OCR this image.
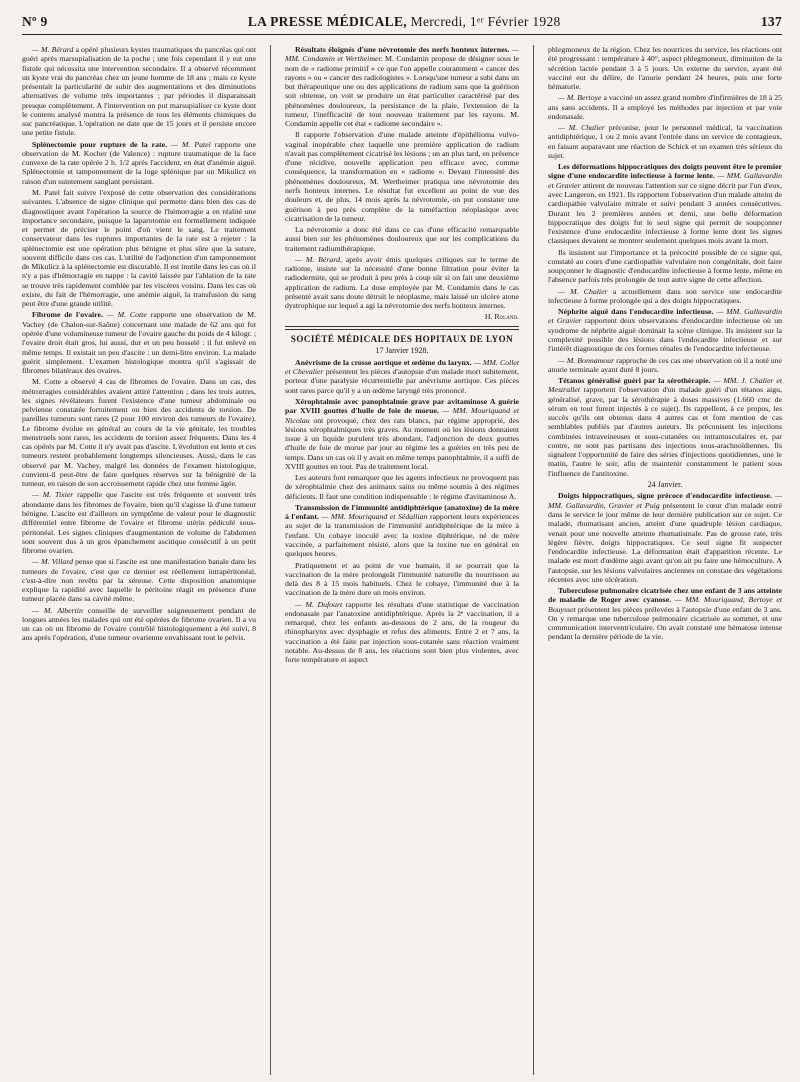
Nº 9	LA PRESSE MÉDICALE, Mercredi, 1ᵉʳ Février 1928	137

— M. Bérard a opéré plusieurs kystes traumatiques du pancréas qui ont guéri après marsupialisation de la poche ; une fois cependant il y eut une fistule qui nécessita une intervention secondaire. Il a observé récemment un kyste vrai du pancréas chez un jeune homme de 18 ans ; mais ce kyste présentait la particularité de subir des augmentations et des diminutions alternatives de volume très importantes ; par périodes il disparaissait presque complètement. A l'intervention on put marsupialiser ce kyste dont le contenu analysé montra la présence de tous les éléments chimiques du suc pancréatique. L'opération ne date que de 15 jours et il persiste encore une petite fistule.

Splénectomie pour rupture de la rate. — M. Patel rapporte une observation de M. Kocher (de Valence) : rupture traumatique de la face convexe de la rate opérée 2 h. 1/2 après l'accident, en état d'anémie aiguë. Splénectomie et tamponnement de la loge splénique par un Mikulicz en raison d'un suintement sanglant persistant.

M. Patel fait suivre l'exposé de cette observation des considérations suivantes. L'absence de signe clinique qui permette dans bien des cas de diagnostiquer avant l'opération la source de l'hémorragie a en réalité une importance secondaire, puisque la laparotomie est formellement indiquée et permet de préciser le point d'où vient le sang. Le traitement conservateur dans les ruptures importantes de la rate est à rejeter : la splénectomie est une opération plus bénigne et plus sûre que la suture, souvent difficile dans ces cas. L'utilité de l'adjonction d'un tamponnement de Mikulicz à la splénectomie est discutable. Il est inutile dans les cas où il n'y a pas d'hémorragie en nappe : la cavité laissée par l'ablation de la rate se trouve très rapidement comblée par les viscères voisins. Dans les cas où existe, du fait de l'hémorragie, une anémie aiguë, la transfusion du sang peut être d'une grande utilité.

Fibrome de l'ovaire. — M. Cotte rapporte une observation de M. Vachey (de Chalon-sur-Saône) concernant une malade de 62 ans qui fut opérée d'une volumineuse tumeur de l'ovaire gauche du poids de 4 kilogr. ; l'ovaire droit était gros, lui aussi, dur et un peu bosselé : il fut enlevé en même temps. Il existait un peu d'ascite : un demi-litre environ. La malade guérit simplement. L'examen histologique montra qu'il s'agissait de fibromes bilatéraux des ovaires.

M. Cotte a observé 4 cas de fibromes de l'ovaire. Dans un cas, des métrorragies considérables avaient attiré l'attention ; dans les trois autres, les signes révélateurs furent l'existence d'une tumeur abdominale ou pelvienne constatée fortuitement ou bien des accidents de torsion. De pareilles tumeurs sont rares (2 pour 100 environ des tumeurs de l'ovaire). Le fibrome évolue en général au cours de la vie génitale, les troubles menstruels sont rares, les accidents de torsion assez fréquents. Dans les 4 cas opérés par M. Cotte il n'y avait pas d'ascite. L'évolution est lente et ces tumeurs restent probablement longtemps silencieuses. Aussi, dans le cas observé par M. Vachey, malgré les données de l'examen histologique, convient-il peut-être de faire quelques réserves sur la bénignité de la tumeur, en raison de son accroissement rapide chez une femme âgée.

— M. Tixier rappelle que l'ascite est très fréquente et souvent très abondante dans les fibromes de l'ovaire, bien qu'il s'agisse là d'une tumeur bénigne. L'ascite est d'ailleurs un symptôme de valeur pour le diagnostic différentiel entre fibrome de l'ovaire et fibrome utérin pédiculé sous-péritonéal. Les signes cliniques d'augmentation de volume de l'abdomen sont souvent dus à un gros épanchement ascitique consécutif à un petit fibrome ovarien.

— M. Villard pense que si l'ascite est une manifestation banale dans les tumeurs de l'ovaire, c'est que ce dernier est réellement intrapéritonéal, c'est-à-dire non revêtu par la séreuse. Cette disposition anatomique explique la rapidité avec laquelle le péritoine réagit en présence d'une tumeur placée dans sa cavité même.

— M. Albertin conseille de surveiller soigneusement pendant de longues années les malades qui ont été opérées de fibrome ovarien. Il a vu un cas où un fibrome de l'ovaire contrôlé histologiquement a été suivi, 8 ans après l'opération, d'une tumeur ovarienne envahissant tout le pelvis.

Résultats éloignés d'une névrotomie des nerfs honteux internes. — MM. Condamin et Wertheimer. M. Condamin propose de désigner sous le nom de « radiome primitif » ce que l'on appelle couramment « cancer des rayons » ou « cancer des radiologistes ». Lorsqu'une tumeur a subi dans un but thérapeutique une ou des applications de radium sans que la guérison soit obtenue, on voit se produire un état particulier caractérisé par des phénomènes douloureux, la persistance de la plaie, l'extension de la tumeur, l'inefficacité de tout nouveau traitement par les rayons. M. Condamin appelle cet état « radiome secondaire ».

Il rapporte l'observation d'une malade atteinte d'épithélioma vulvo-vaginal inopérable chez laquelle une première application de radium n'avait pas complètement cicatrisé les lésions ; un an plus tard, en présence d'une récidive, nouvelle application peu efficace avec, comme conséquence, la transformation en « radiome ». Devant l'intensité des phénomènes douloureux, M. Wertheimer pratiqua une névrotomie des nerfs honteux internes. Le résultat fut excellent au point de vue des douleurs et, de plus, 14 mois après la névrotomie, on put constater une guérison à peu près complète de la tuméfaction néoplasique avec cicatrisation de la tumeur.

La névrotomie a donc été dans ce cas d'une efficacité remarquable aussi bien sur les phénomènes douloureux que sur les complications du traitement radiumthérapique.

— M. Bérard, après avoir émis quelques critiques sur le terme de radiome, insiste sur la nécessité d'une bonne filtration pour éviter la radiodermite, qui se produit à peu près à coup sûr si on fait une deuxième application de radium. La dose employée par M. Condamin dans le cas présenté avait sans doute détruit le néoplasme, mais laissé un ulcère atone dystrophique sur lequel a agi la névrotomie des nerfs honteux internes.

H. Roland.

SOCIÉTÉ MÉDICALE DES HOPITAUX DE LYON

17 Janvier 1928.

Anévrisme de la crosse aortique et œdème du larynx. — MM. Collet et Chevalier présentent les pièces d'autopsie d'un malade mort subitement, porteur d'une paralysie récurrentielle par anévrisme aortique. Ces pièces sont rares parce qu'il y a un œdème laryngé très prononcé.

Xérophtalmie avec panophtalmie grave par avitaminose A guérie par XVIII gouttes d'huile de foie de morue. — MM. Mouriquand et Nicolau ont provoqué, chez des rats blancs, par régime approprié, des lésions xérophtalmiques très graves. Au moment où les lésions donnaient issue à un liquide purulent très abondant, l'adjonction de deux gouttes d'huile de foie de morue par jour au régime les a guéries en très peu de temps. Dans un cas où il y avait en même temps panophtalmie, il a suffi de XVIII gouttes en tout. Pas de traitement local.

Les auteurs font remarquer que les agents infectieux ne provoquent pas de xérophtalmie chez des animaux sains ou même soumis à des régimes déficients. Il faut une condition indispensable : le régime d'avitaminose A.

Transmission de l'immunité antidiphtérique (anatoxine) de la mère à l'enfant. — MM. Mouriquand et Sédallian rapportent leurs expériences au sujet de la transmission de l'immunité antidiphtérique de la mère à l'enfant. Un cobaye inoculé avec la toxine diphtérique, né de mère vaccinée, a parfaitement résisté, alors que la toxine tue en général en quelques heures.

Pratiquement et au point de vue humain, il se pourrait que la vaccination de la mère prolongeât l'immunité naturelle du nourrisson au delà des 8 à 15 mois habituels. Chez le cobaye, l'immunité due à la vaccination de la mère dure un mois environ.

— M. Dufourt rapporte les résultats d'une statistique de vaccination endonasale par l'anatoxine antidiphtérique. Après la 2ᵉ vaccination, il a remarqué, chez les enfants au-dessous de 2 ans, de la rougeur du rhinopharynx avec dysphagie et refus des aliments. Entre 2 et 7 ans, la vaccination a été faite par injection sous-cutanée sans réaction vraiment notable. Au-dessus de 8 ans, les réactions sont bien plus violentes, avec forte température et aspect

phlegmoneux de la région. Chez les nourrices du service, les réactions ont été progressant : température à 40°, aspect phlegmoneux, diminution de la sécrétion lactée pendant 3 à 5 jours. Un externe du service, ayant été vacciné eut du délire, de l'anurie pendant 24 heures, puis une forte hématurie.

— M. Bertoye a vacciné un assez grand nombre d'infirmières de 18 à 25 ans sans accidents. Il a employé les méthodes par injection et par voie endonasale.

— M. Chalier préconise, pour le personnel médical, la vaccination antidiphtérique, 1 ou 2 mois avant l'entrée dans un service de contagieux, en faisant auparavant une réaction de Schick et un examen très sérieux du sujet.

Les déformations hippocratiques des doigts peuvent être le premier signe d'une endocardite infectieuse à forme lente. — MM. Gallavardin et Gravier attirent de nouveau l'attention sur ce signe décrit par l'un d'eux, avec Langeron, en 1921. Ils rapportent l'observation d'un malade atteint de cardiopathie valvulaire mitrale et suivi pendant 3 années consécutives. Durant les 2 premières années et demi, une belle déformation hippocratique des doigts fut le seul signe qui permit de soupçonner l'existence d'une endocardite infectieuse à forme lente dont les signes classiques devaient se montrer seulement quelques mois avant la mort.

Ils insistent sur l'importance et la précocité possible de ce signe qui, constaté au cours d'une cardiopathie valvulaire non congénitale, doit faire soupçonner le diagnostic d'endocardite infectieuse à forme lente, même en l'absence parfois très prolongée de tout autre signe de cette affection.

— M. Chalier a actuellement dans son service une endocardite infectieuse à forme prolongée qui a des doigts hippocratiques.

Néphrite aiguë dans l'endocardite infectieuse. — MM. Gallavardin et Gravier rapportent deux observations d'endocardite infectieuse où un syndrome de néphrite aiguë dominait la scène clinique. Ils insistent sur la complexité possible des lésions dans l'endocardite infectieuse et sur l'intérêt diagnostique de ces formes rénales de l'endocardite infectieuse.

— M. Bonnamour rapproche de ces cas une observation où il a noté une anurie terminale ayant duré 8 jours.

Tétanos généralisé guéri par la sérothérapie. — MM. J. Chalier et Mestrallet rapportent l'observation d'un malade guéri d'un tétanos aigu, généralisé, grave, par la sérothérapie à doses massives (1.660 cmc de sérum en tout furent injectés à ce sujet). Ils rappellent, à ce propos, les succès qu'ils ont obtenus dans 4 autres cas et font mention de cas semblables publiés par d'autres auteurs. Ils préconisent les injections combinées intraveineuses et sous-cutanées ou intramusculaires et, par contre, ne sont pas partisans des injections sous-arachnoïdiennes. Ils signalent l'opportunité de faire des séries d'injections quotidiennes, une le matin, l'autre le soir, afin de maintenir constamment le patient sous l'influence de l'antitoxine.

24 Janvier.

Doigts hippocratiques, signe précoce d'endocardite infectieuse. — MM. Gallavardin, Gravier et Puig présentent le cœur d'un malade entré dans le service le jour même de leur dernière publication sur ce sujet. Ce malade, rhumatisant ancien, atteint d'une quadruple lésion cardiaque, venait pour une nouvelle atteinte rhumatismale. Pas de grosse rate, très légère fièvre, doigts hippocratiques. Ce seul signe fit suspecter l'endocardite infectieuse. La déformation était d'apparition récente. Le malade est mort d'œdème aigu avant qu'on ait pu faire une hémoculture. A l'autopsie, sur les lésions valvulaires anciennes on constate des végétations récentes avec une ulcération.

Tuberculose pulmonaire cicatrisée chez une enfant de 3 ans atteinte de maladie de Roger avec cyanose. — MM. Mouriquand, Bertoye et Bouysset présentent les pièces prélevées à l'autopsie d'une enfant de 3 ans. On y remarque une tuberculose pulmonaire cicatrisée au sommet, et une communication interventriculaire. On avait constaté une hématose intense pendant la dernière période de la vie.
